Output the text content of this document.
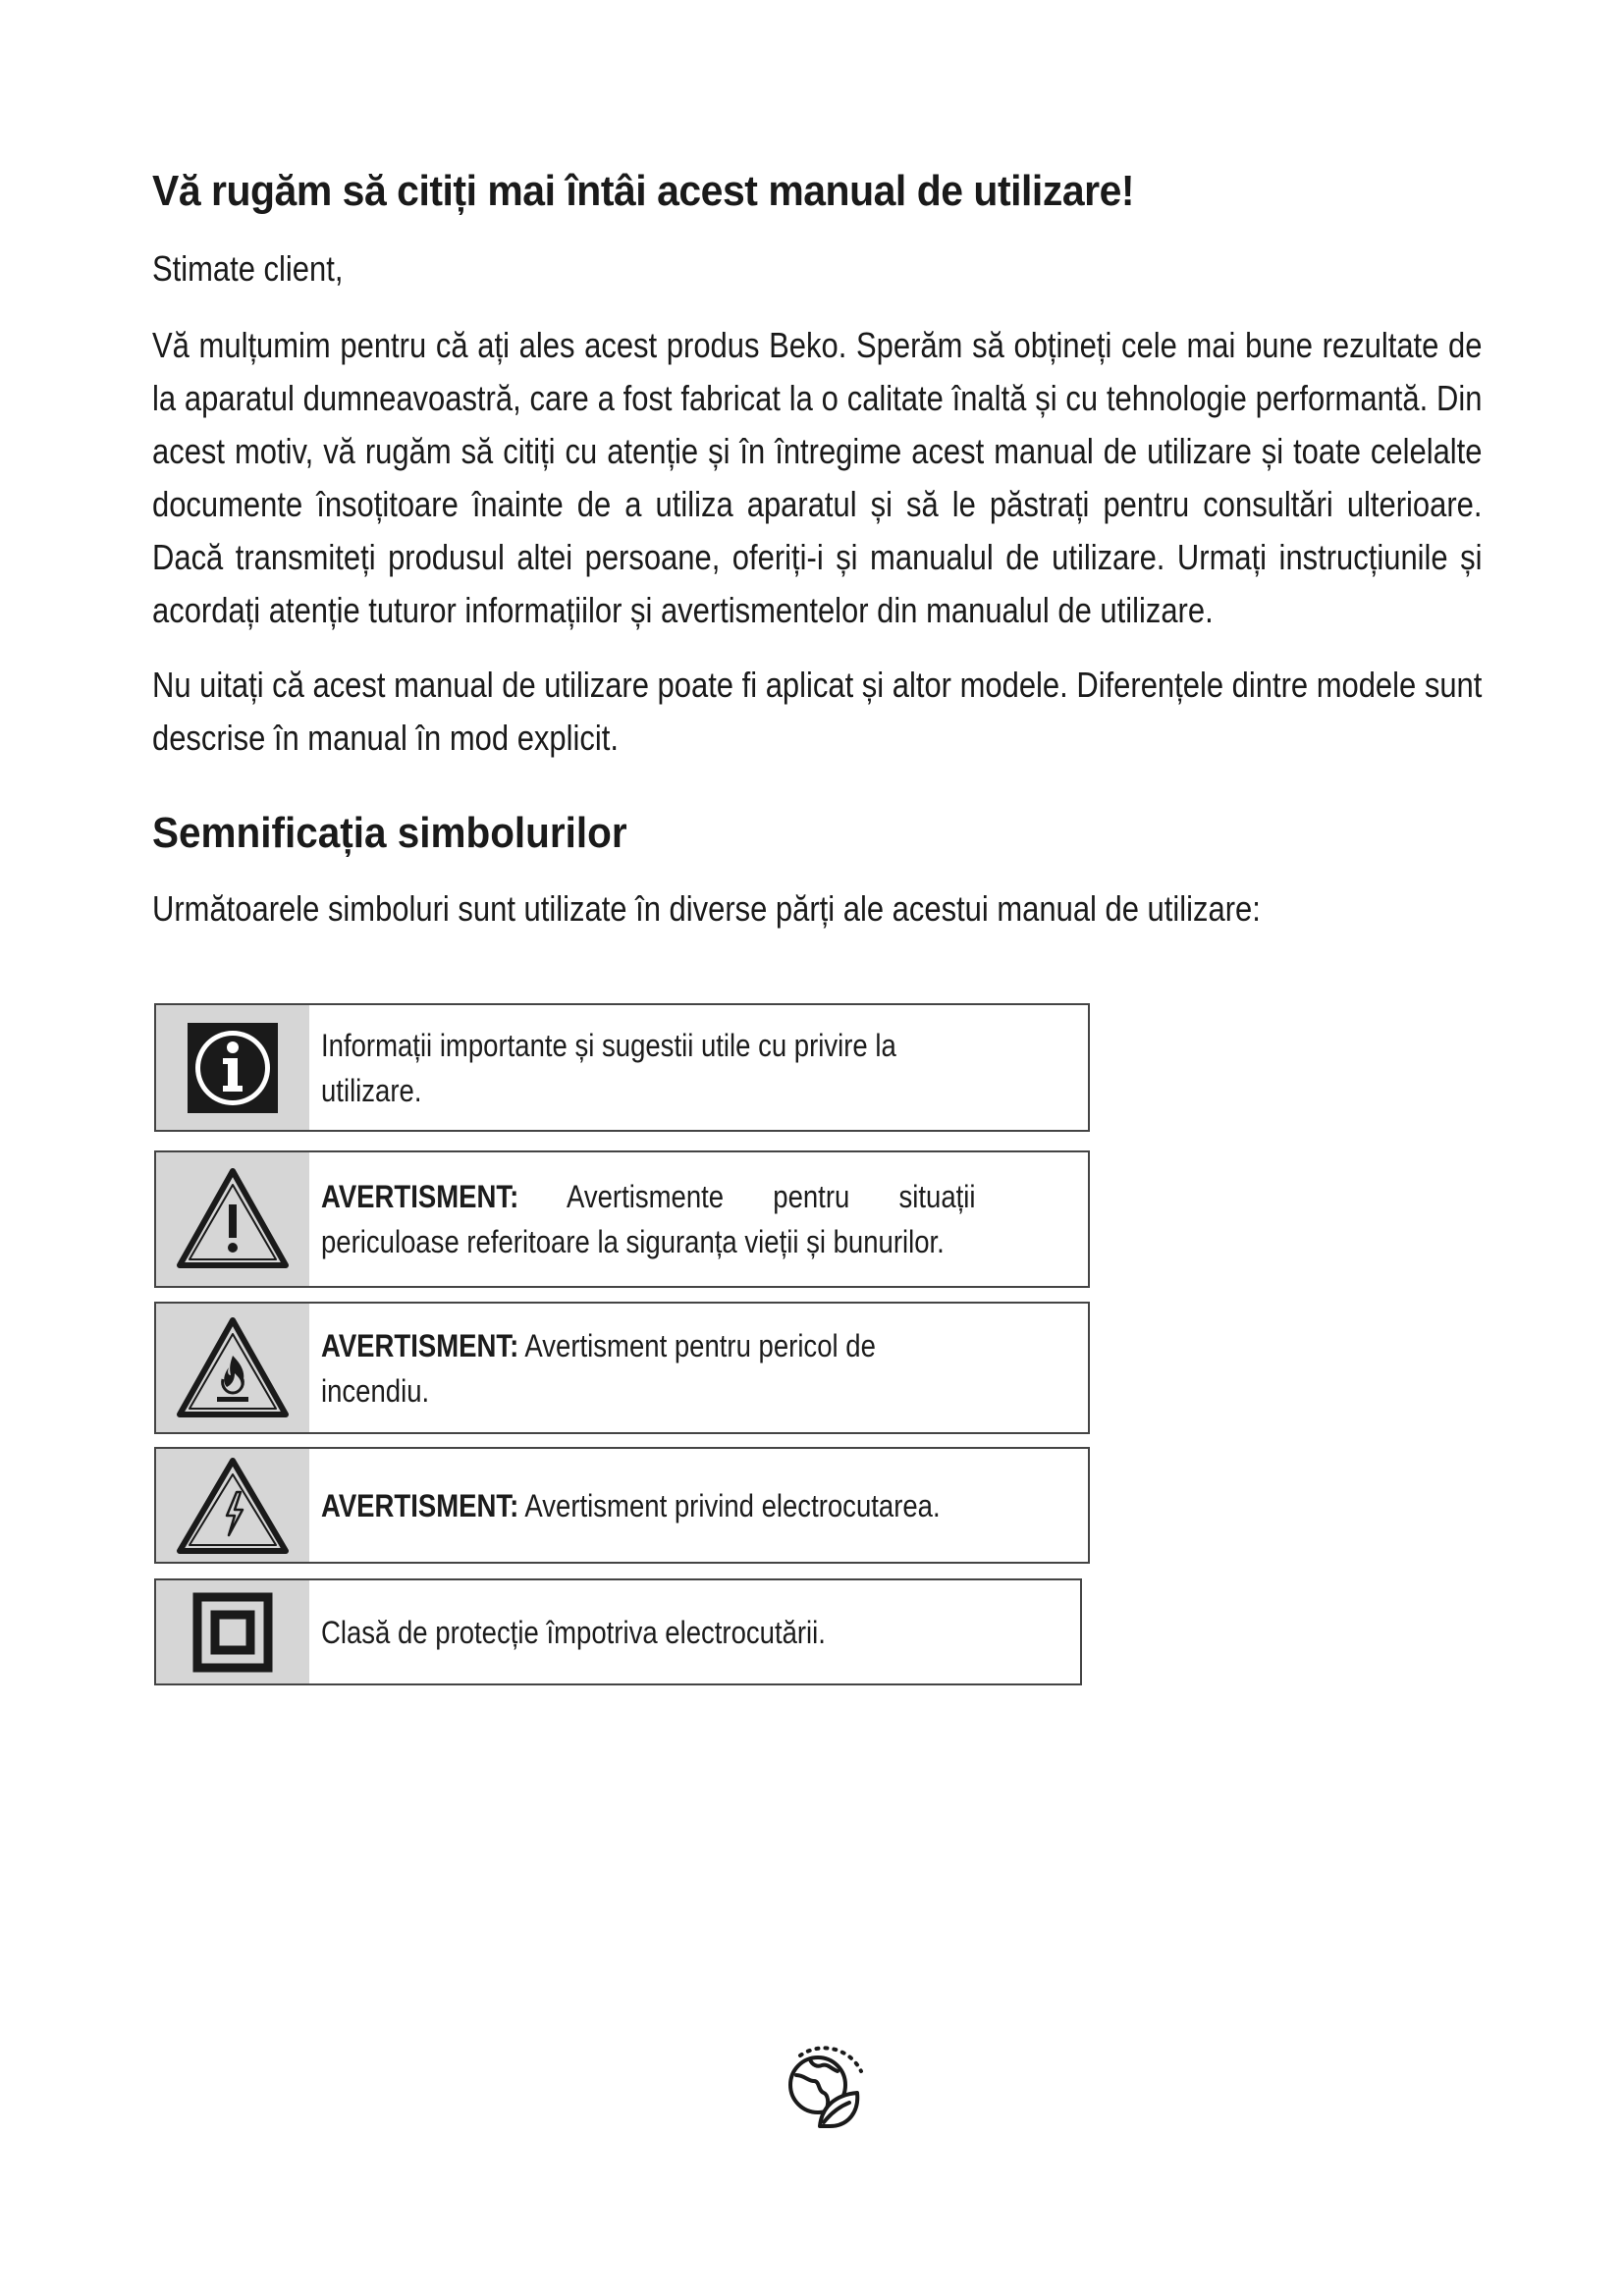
Vă rugăm să citiți mai întâi acest manual de utilizare!

Stimate client,

Vă mulțumim pentru că ați ales acest produs Beko. Sperăm să obțineți cele mai bune rezultate de la aparatul dumneavoastră, care a fost fabricat la o calitate înaltă și cu tehnologie performantă. Din acest motiv, vă rugăm să citiți cu atenție și în întregime acest manual de utilizare și toate celelalte documente însoțitoare înainte de a utiliza aparatul și să le păstrați pentru consultări ulterioare. Dacă transmiteți produsul altei persoane, oferiți-i și manualul de utilizare. Urmați instrucțiunile și acordați atenție tuturor informațiilor și avertismentelor din manualul de utilizare.

Nu uitați că acest manual de utilizare poate fi aplicat și altor modele. Diferențele dintre modele sunt descrise în manual în mod explicit.

Semnificația simbolurilor

Următoarele simboluri sunt utilizate în diverse părți ale acestui manual de utilizare:

Informații importante și sugestii utile cu privire la utilizare.
AVERTISMENT: Avertismente pentru situații periculoase referitoare la siguranța vieții și bunurilor.
AVERTISMENT: Avertisment pentru pericol de incendiu.
AVERTISMENT: Avertisment privind electrocutarea.
Clasă de protecție împotriva electrocutării.
